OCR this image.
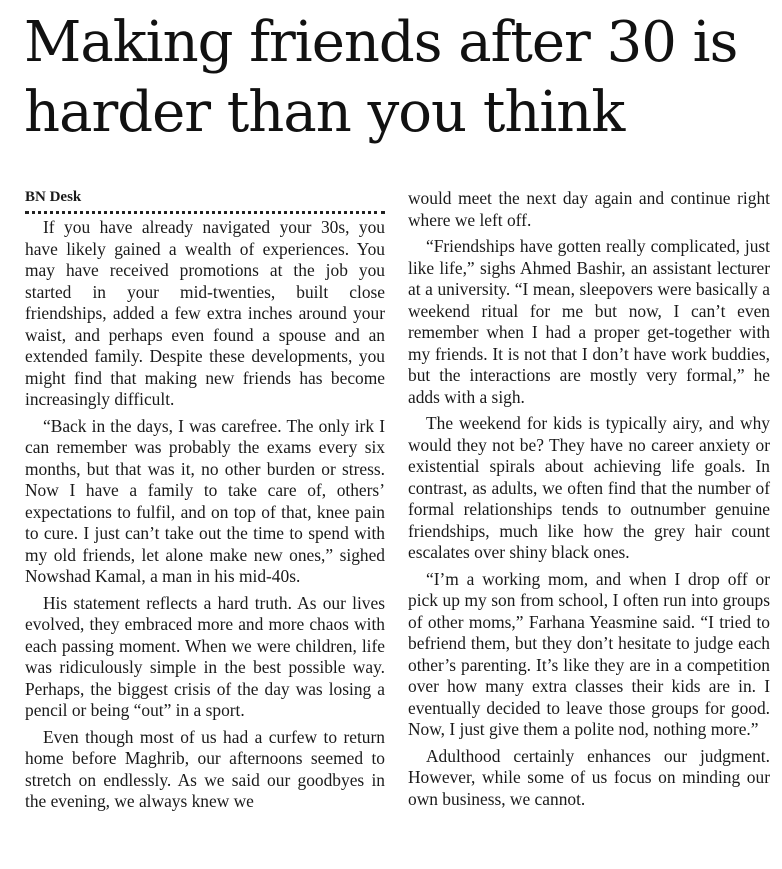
Making friends after 30 is harder than you think
BN Desk

If you have already navigated your 30s, you have likely gained a wealth of experiences. You may have received promotions at the job you started in your mid-twenties, built close friendships, added a few extra inches around your waist, and perhaps even found a spouse and an extended family. Despite these developments, you might find that making new friends has become increasingly difficult.

“Back in the days, I was carefree. The only irk I can remember was probably the exams every six months, but that was it, no other burden or stress. Now I have a family to take care of, others’ expectations to fulfil, and on top of that, knee pain to cure. I just can’t take out the time to spend with my old friends, let alone make new ones,” sighed Nowshad Kamal, a man in his mid-40s.

His statement reflects a hard truth. As our lives evolved, they embraced more and more chaos with each passing moment. When we were children, life was ridiculously simple in the best possible way. Perhaps, the biggest crisis of the day was losing a pencil or being “out” in a sport.

Even though most of us had a curfew to return home before Maghrib, our afternoons seemed to stretch on endlessly. As we said our goodbyes in the evening, we always knew we

would meet the next day again and continue right where we left off.

“Friendships have gotten really complicated, just like life,” sighs Ahmed Bashir, an assistant lecturer at a university. “I mean, sleepovers were basically a weekend ritual for me but now, I can’t even remember when I had a proper get-together with my friends. It is not that I don’t have work buddies, but the interactions are mostly very formal,” he adds with a sigh.

The weekend for kids is typically airy, and why would they not be? They have no career anxiety or existential spirals about achieving life goals. In contrast, as adults, we often find that the number of formal relationships tends to outnumber genuine friendships, much like how the grey hair count escalates over shiny black ones.

“I’m a working mom, and when I drop off or pick up my son from school, I often run into groups of other moms,” Farhana Yeasmine said. “I tried to befriend them, but they don’t hesitate to judge each other’s parenting. It’s like they are in a competition over how many extra classes their kids are in. I eventually decided to leave those groups for good. Now, I just give them a polite nod, nothing more.”

Adulthood certainly enhances our judgment. However, while some of us focus on minding our own business, we cannot.
